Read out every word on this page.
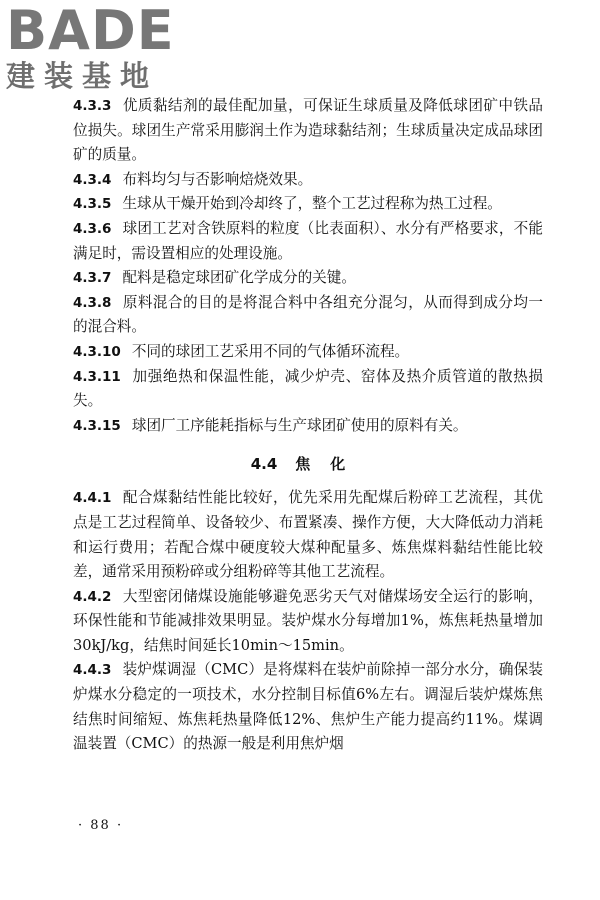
BADE
建装基地

4.3.3 优质黏结剂的最佳配加量，可保证生球质量及降低球团矿中铁品位损失。球团生产常采用膨润土作为造球黏结剂；生球质量决定成品球团矿的质量。

4.3.4 布料均匀与否影响焙烧效果。

4.3.5 生球从干燥开始到冷却终了，整个工艺过程称为热工过程。

4.3.6 球团工艺对含铁原料的粒度（比表面积）、水分有严格要求，不能满足时，需设置相应的处理设施。

4.3.7 配料是稳定球团矿化学成分的关键。

4.3.8 原料混合的目的是将混合料中各组充分混匀，从而得到成分均一的混合料。

4.3.10 不同的球团工艺采用不同的气体循环流程。

4.3.11 加强绝热和保温性能，减少炉壳、窑体及热介质管道的散热损失。

4.3.15 球团厂工序能耗指标与生产球团矿使用的原料有关。

4.4 焦化

4.4.1 配合煤黏结性能比较好，优先采用先配煤后粉碎工艺流程，其优点是工艺过程简单、设备较少、布置紧凑、操作方便，大大降低动力消耗和运行费用；若配合煤中硬度较大煤种配量多、炼焦煤料黏结性能比较差，通常采用预粉碎或分组粉碎等其他工艺流程。

4.4.2 大型密闭储煤设施能够避免恶劣天气对储煤场安全运行的影响，环保性能和节能减排效果明显。装炉煤水分每增加1%，炼焦耗热量增加30kJ/kg，结焦时间延长10min～15min。

4.4.3 装炉煤调湿（CMC）是将煤料在装炉前除掉一部分水分，确保装炉煤水分稳定的一项技术，水分控制目标值6%左右。调湿后装炉煤炼焦结焦时间缩短、炼焦耗热量降低12%、焦炉生产能力提高约11%。煤调温装置（CMC）的热源一般是利用焦炉烟

· 88 ·
